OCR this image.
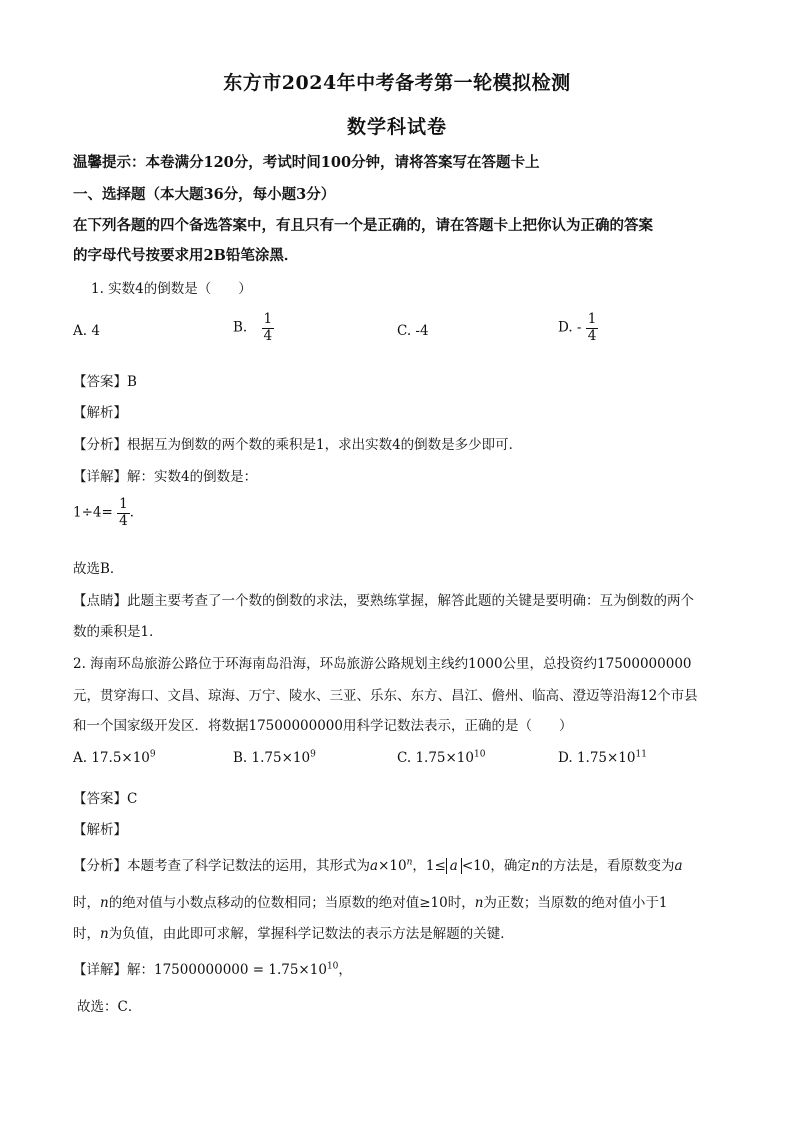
东方市2024年中考备考第一轮模拟检测
数学科试卷
温馨提示：本卷满分120分，考试时间100分钟，请将答案写在答题卡上
一、选择题（本大题36分，每小题3分）
在下列各题的四个备选答案中，有且只有一个是正确的，请在答题卡上把你认为正确的答案
的字母代号按要求用2B铅笔涂黑．
1. 实数4的倒数是（　　）
A. 4	B. $\frac{1}{4}$	C. -4	D. - $\frac{1}{4}$
【答案】B
【解析】
【分析】根据互为倒数的两个数的乘积是1，求出实数4的倒数是多少即可．
【详解】解：实数4的倒数是：
$1\div 4= \frac{1}{4}$ ．
故选B．
【点睛】此题主要考查了一个数的倒数的求法，要熟练掌握，解答此题的关键是要明确：互为倒数的两个
数的乘积是1．
2. 海南环岛旅游公路位于环海南岛沿海，环岛旅游公路规划主线约1000公里，总投资约17500000000
元，贯穿海口、文昌、琼海、万宁、陵水、三亚、乐东、东方、昌江、儋州、临高、澄迈等沿海12个市县
和一个国家级开发区．将数据17500000000用科学记数法表示，正确的是（　　）
A. $17.5\times 10^9$	B. $1.75\times 10^9$	C. $1.75\times 10^{10}$	D. $1.75\times 10^{11}$
【答案】C
【解析】
【分析】本题考查了科学记数法的运用，其形式为$a\times 10^n$，1≤ a <10，确定n的方法是，看原数变为a
时，n的绝对值与小数点移动的位数相同；当原数的绝对值≥10时，n为正数；当原数的绝对值小于1
时，n为负值，由此即可求解，掌握科学记数法的表示方法是解题的关键．
【详解】解：$17500000000 = 1.75\times 10^{10}$，
故选：C．
